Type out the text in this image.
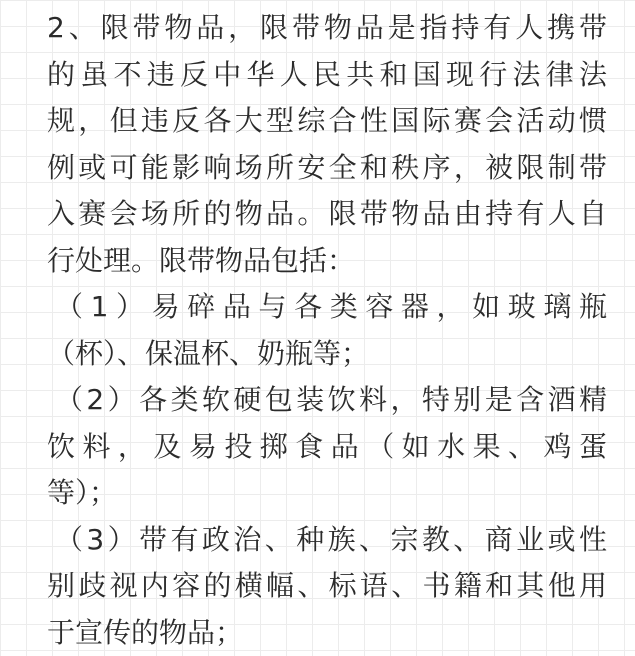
2、限带物品，限带物品是指持有人携带
的虽不违反中华人民共和国现行法律法
规，但违反各大型综合性国际赛会活动惯
例或可能影响场所安全和秩序，被限制带
入赛会场所的物品。限带物品由持有人自
行处理。限带物品包括：
（1）易碎品与各类容器，如玻璃瓶
（杯）、保温杯、奶瓶等；
（2）各类软硬包装饮料，特别是含酒精
饮料，及易投掷食品（如水果、鸡蛋
等）；
（3）带有政治、种族、宗教、商业或性
别歧视内容的横幅、标语、书籍和其他用
于宣传的物品；
